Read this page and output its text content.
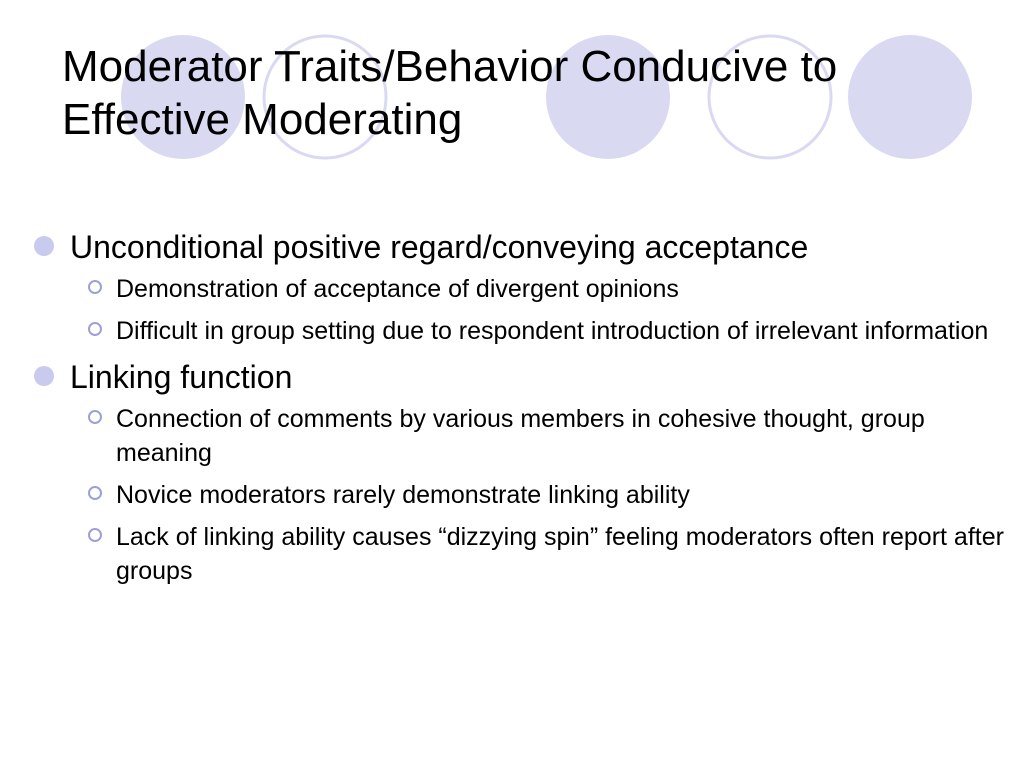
Moderator Traits/Behavior Conducive to
Effective Moderating
Unconditional positive regard/conveying acceptance
Demonstration of acceptance of divergent opinions
Difficult in group setting due to respondent introduction of irrelevant information
Linking function
Connection of comments by various members in cohesive thought, group meaning
Novice moderators rarely demonstrate linking ability
Lack of linking ability causes “dizzying spin” feeling moderators often report after groups
